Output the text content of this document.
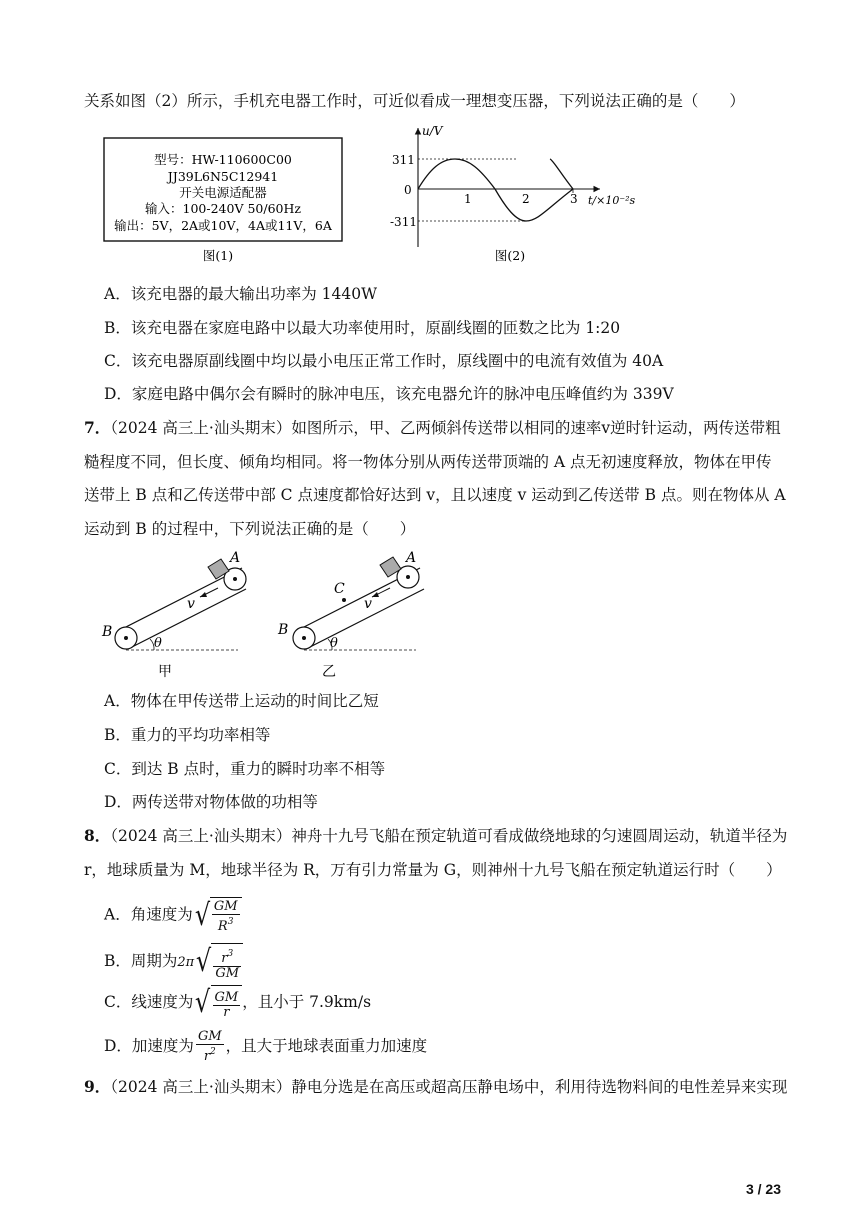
关系如图（2）所示，手机充电器工作时，可近似看成一理想变压器，下列说法正确的是（　　）
型号：HW-110600C00
JJ39L6N5C12941
开关电源适配器
输入：100-240V 50/60Hz
输出：5V，2A或10V，4A或11V，6A
图(1)
u/V
t/×10⁻²s
311
0
-311
1	2	3
图(2)
A．该充电器的最大输出功率为 1440W
B．该充电器在家庭电路中以最大功率使用时，原副线圈的匝数之比为 1:20
C．该充电器原副线圈中均以最小电压正常工作时，原线圈中的电流有效值为 40A
D．家庭电路中偶尔会有瞬时的脉冲电压，该充电器允许的脉冲电压峰值约为 339V
7．（2024 高三上·汕头期末）如图所示，甲、乙两倾斜传送带以相同的速率v逆时针运动，两传送带粗
糙程度不同，但长度、倾角均相同。将一物体分别从两传送带顶端的 A 点无初速度释放，物体在甲传
送带上 B 点和乙传送带中部 C 点速度都恰好达到 v，且以速度 v 运动到乙传送带 B 点。则在物体从 A
运动到 B 的过程中，下列说法正确的是（　　）
A
B
v
θ
甲
A
B
C
v
θ
乙
A．物体在甲传送带上运动的时间比乙短
B．重力的平均功率相等
C．到达 B 点时，重力的瞬时功率不相等
D．两传送带对物体做的功相等
8．（2024 高三上·汕头期末）神舟十九号飞船在预定轨道可看成做绕地球的匀速圆周运动，轨道半径为
r，地球质量为 M，地球半径为 R，万有引力常量为 G，则神州十九号飞船在预定轨道运行时（　　）
A．角速度为 √ $\frac{GM}{R^3}$
B．周期为2π √ $\frac{r^3}{GM}$
C．线速度为 √ $\frac{GM}{r}$ ，且小于 7.9km/s
D．加速度为 $\frac{GM}{r^2}$ ，且大于地球表面重力加速度
9．（2024 高三上·汕头期末）静电分选是在高压或超高压静电场中，利用待选物料间的电性差异来实现
3 / 23
